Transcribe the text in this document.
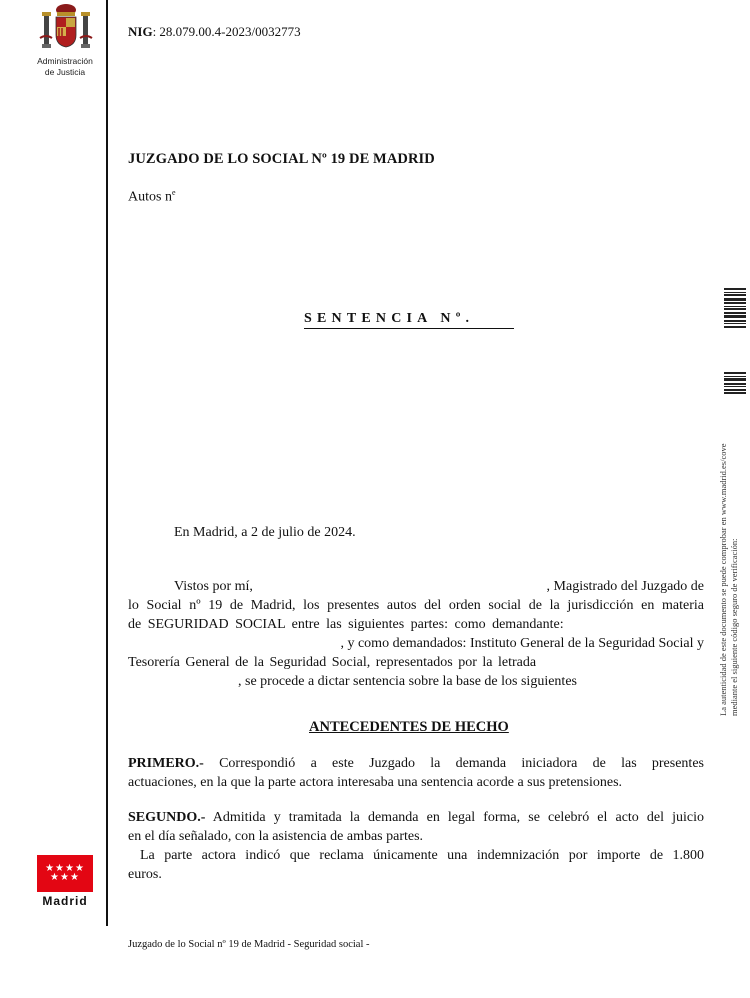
Administración
de Justicia
NIG: 28.079.00.4-2023/0032773
JUZGADO DE LO SOCIAL Nº 19 DE MADRID
Autos $n^e$
SENTENCIA Nº.
En Madrid, a 2 de julio de 2024.
Vistos por mí,	, Magistrado del Juzgado de
lo Social nº 19 de Madrid, los presentes autos del orden social de la jurisdicción en materia
de SEGURIDAD SOCIAL entre las siguientes partes: como demandante:
, y como demandados: Instituto General de la Seguridad Social y
Tesorería General de la Seguridad Social, representados por la letrada
, se procede a dictar sentencia sobre la base de los siguientes
ANTECEDENTES DE HECHO
PRIMERO.- Correspondió a este Juzgado la demanda iniciadora de las presentes
actuaciones, en la que la parte actora interesaba una sentencia acorde a sus pretensiones.
SEGUNDO.- Admitida y tramitada la demanda en legal forma, se celebró el acto del juicio
en el día señalado, con la asistencia de ambas partes.
La parte actora indicó que reclama únicamente una indemnización por importe de 1.800
euros.
★★★★
★★★
Madrid
Juzgado de lo Social nº 19 de Madrid - Seguridad social -
La autenticidad de este documento se puede comprobar en www.madrid.es/cove mediante el siguiente código seguro de verificación:
